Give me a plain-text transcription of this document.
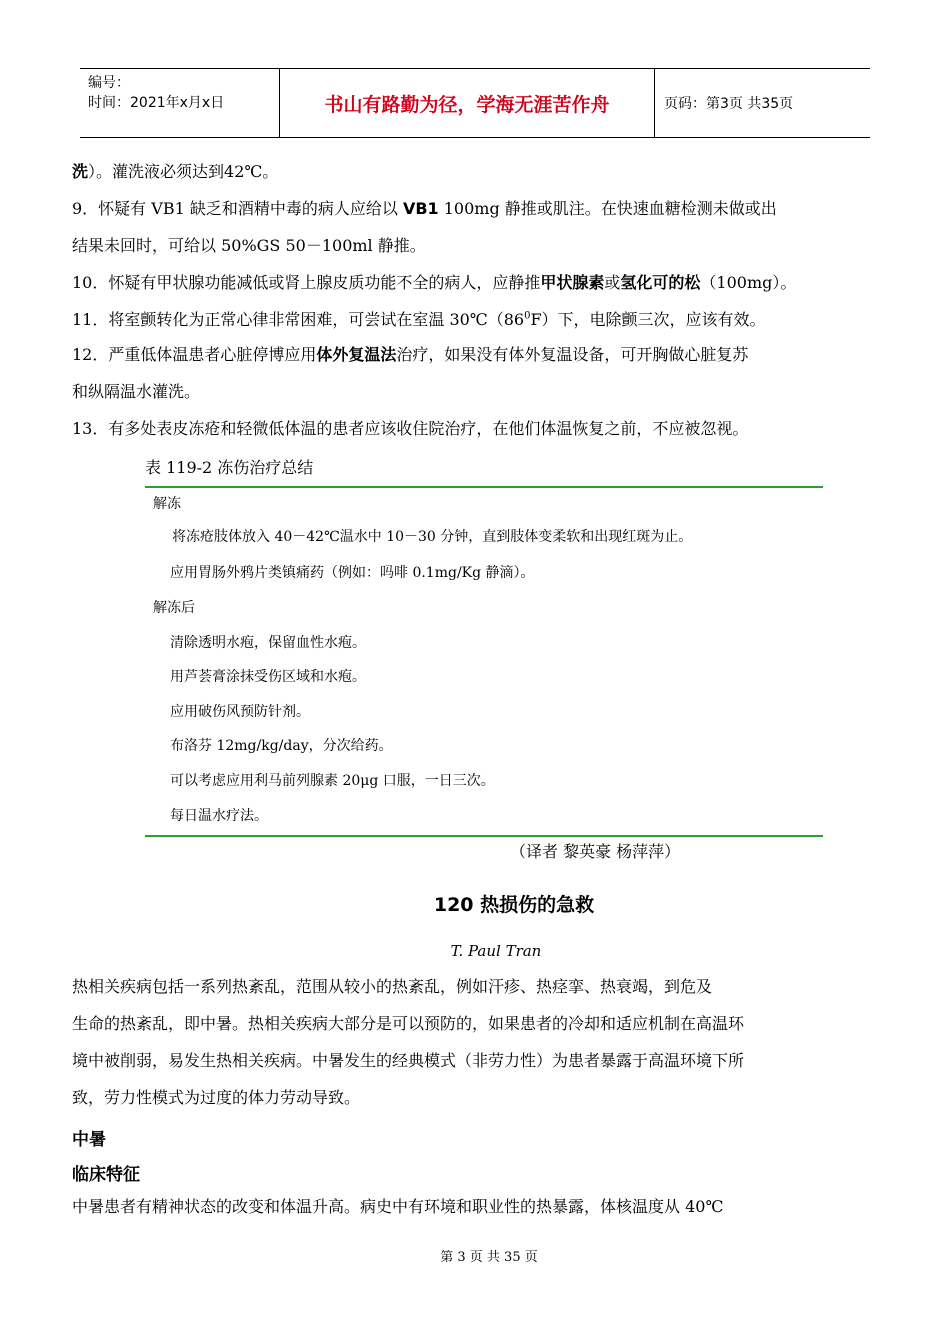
编号：
时间：2021年x月x日	书山有路勤为径，学海无涯苦作舟	页码：第3页 共35页
洗）。灌洗液必须达到42℃。
9．怀疑有 VB1 缺乏和酒精中毒的病人应给以 VB1 100mg 静推或肌注。在快速血糖检测未做或出
结果未回时，可给以 50%GS 50－100ml 静推。
10．怀疑有甲状腺功能减低或肾上腺皮质功能不全的病人，应静推甲状腺素或氢化可的松（100mg）。
11．将室颤转化为正常心律非常困难，可尝试在室温 $30℃(86^0F)$下，电除颤三次，应该有效。
12．严重低体温患者心脏停博应用体外复温法治疗，如果没有体外复温设备，可开胸做心脏复苏
和纵隔温水灌洗。
13．有多处表皮冻疮和轻微低体温的患者应该收住院治疗，在他们体温恢复之前，不应被忽视。
表 119-2 冻伤治疗总结
解冻
将冻疮肢体放入 40－42℃温水中 10－30 分钟，直到肢体变柔软和出现红斑为止。
应用胃肠外鸦片类镇痛药（例如：吗啡 0.1mg/Kg 静滴）。
解冻后
清除透明水疱，保留血性水疱。
用芦荟膏涂抹受伤区域和水疱。
应用破伤风预防针剂。
布洛芬 12mg/kg/day，分次给药。
可以考虑应用利马前列腺素 20μg 口服，一日三次。
每日温水疗法。
（译者 黎英豪 杨萍萍）
120 热损伤的急救
T. Paul Tran
热相关疾病包括一系列热紊乱，范围从较小的热紊乱，例如汗疹、热痉挛、热衰竭，到危及
生命的热紊乱，即中暑。热相关疾病大部分是可以预防的，如果患者的冷却和适应机制在高温环
境中被削弱，易发生热相关疾病。中暑发生的经典模式（非劳力性）为患者暴露于高温环境下所
致，劳力性模式为过度的体力劳动导致。
中暑
临床特征
中暑患者有精神状态的改变和体温升高。病史中有环境和职业性的热暴露，体核温度从 40℃
第 3 页 共 35 页
